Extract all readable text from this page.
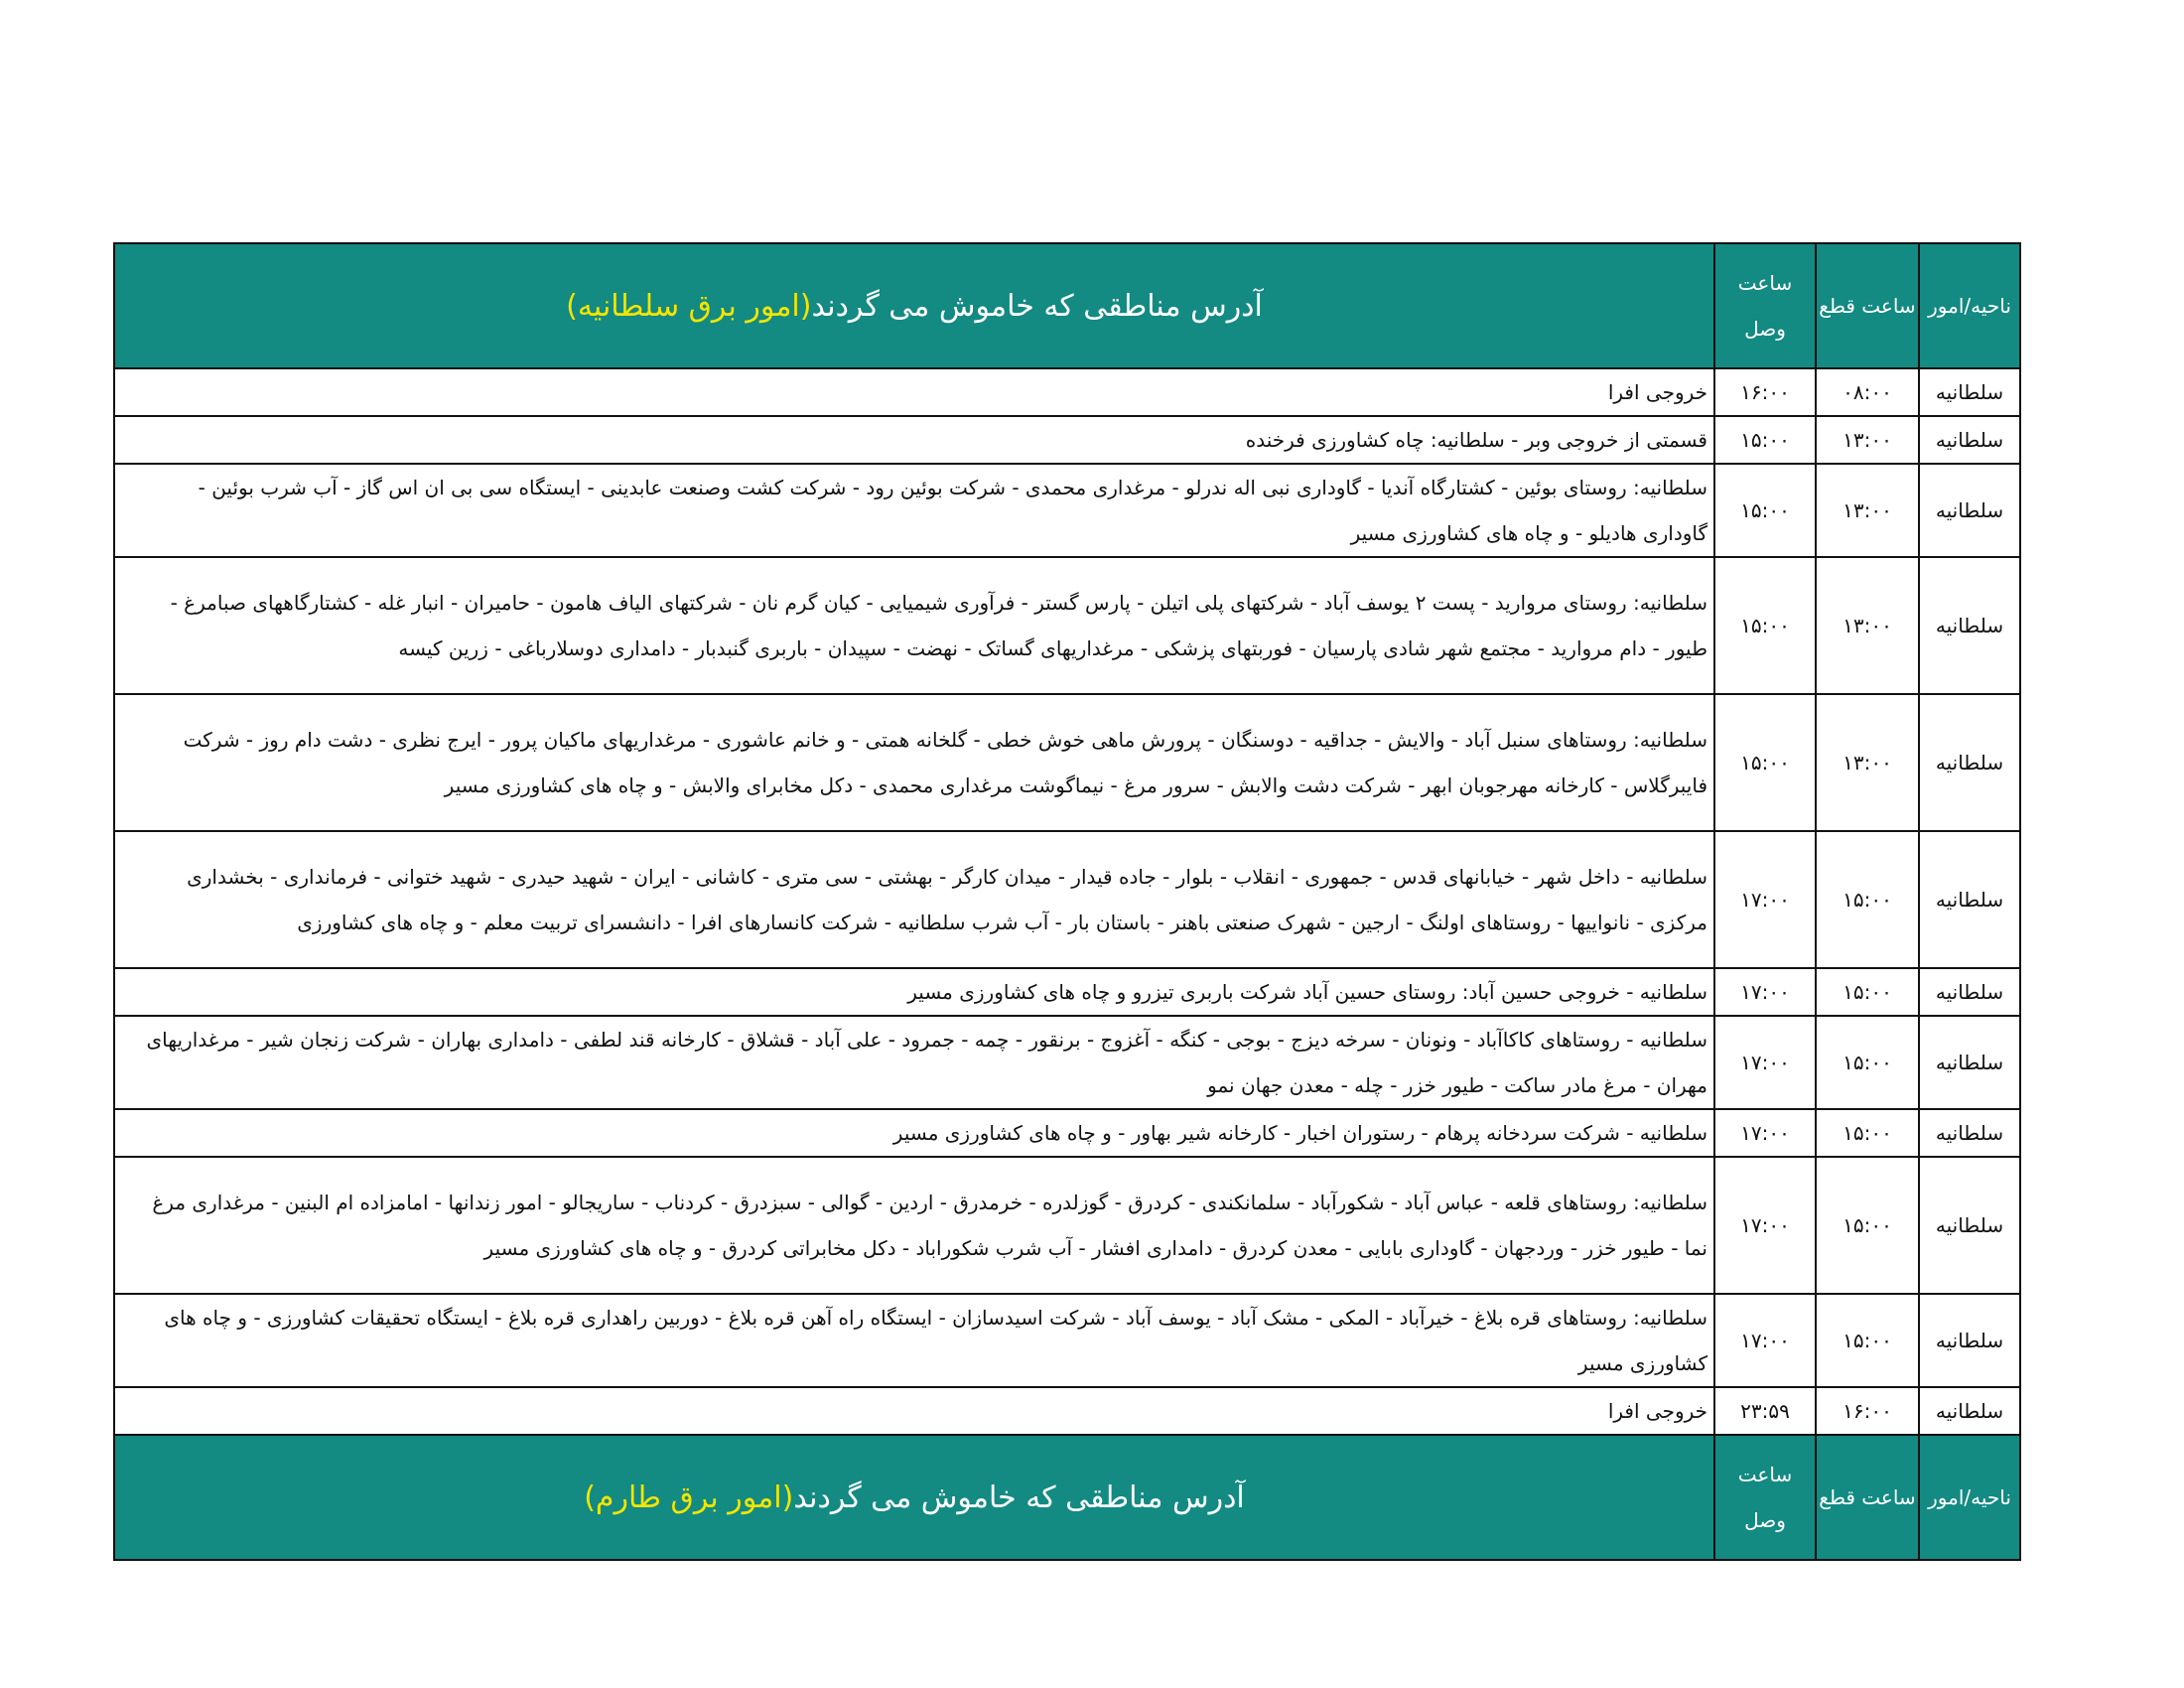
ناحیه/امور	ساعت قطع	ساعت وصل	آدرس مناطقی که خاموش می گردند(امور برق سلطانیه)
سلطانیه	۰۸:۰۰	۱۶:۰۰	خروجی افرا
سلطانیه	۱۳:۰۰	۱۵:۰۰	قسمتی از خروجی وبر - سلطانیه: چاه کشاورزی فرخنده
سلطانیه	۱۳:۰۰	۱۵:۰۰	سلطانیه: روستای بوئین - کشتارگاه آندیا - گاوداری نبی اله ندرلو - مرغداری محمدی - شرکت بوئین رود - شرکت کشت وصنعت عابدینی - ایستگاه سی بی ان اس گاز - آب شرب بوئین - گاوداری هادیلو - و چاه های کشاورزی مسیر
سلطانیه	۱۳:۰۰	۱۵:۰۰	سلطانیه: روستای مروارید - پست ۲ یوسف آباد - شرکتهای پلی اتیلن - پارس گستر - فرآوری شیمیایی - کیان گرم نان - شرکتهای الیاف هامون - حامیران - انبار غله - کشتارگاههای صبامرغ - طیور - دام مروارید - مجتمع شهر شادی پارسیان - فوربتهای پزشکی - مرغداریهای گساتک - نهضت - سپیدان - باربری گنبدبار - دامداری دوسلارباغی - زرین کیسه
سلطانیه	۱۳:۰۰	۱۵:۰۰	سلطانیه: روستاهای سنبل آباد - والایش - جداقیه - دوسنگان - پرورش ماهی خوش خطی - گلخانه همتی - و خانم عاشوری - مرغداریهای ماکیان پرور - ایرج نظری - دشت دام روز - شرکت فایبرگلاس - کارخانه مهرجوبان ابهر - شرکت دشت والابش - سرور مرغ - نیماگوشت مرغداری محمدی - دکل مخابرای والابش - و چاه های کشاورزی مسیر
سلطانیه	۱۵:۰۰	۱۷:۰۰	سلطانیه - داخل شهر - خیابانهای قدس - جمهوری - انقلاب - بلوار - جاده قیدار - میدان کارگر - بهشتی - سی متری - کاشانی - ایران - شهید حیدری - شهید ختوانی - فرمانداری - بخشداری مرکزی - نانواییها - روستاهای اولنگ - ارجین - شهرک صنعتی باهنر - باستان بار - آب شرب سلطانیه - شرکت کانسارهای افرا - دانشسرای تربیت معلم - و چاه های کشاورزی
سلطانیه	۱۵:۰۰	۱۷:۰۰	سلطانیه - خروجی حسین آباد: روستای حسین آباد شرکت باربری تیزرو و چاه های کشاورزی مسیر
سلطانیه	۱۵:۰۰	۱۷:۰۰	سلطانیه - روستاهای کاکاآباد - ونونان - سرخه دیزج - بوجی - کنگه - آغزوج - برنقور - چمه - جمرود - علی آباد - قشلاق - کارخانه قند لطفی - دامداری بهاران - شرکت زنجان شیر - مرغداریهای مهران - مرغ مادر ساکت - طیور خزر - چله - معدن جهان نمو
سلطانیه	۱۵:۰۰	۱۷:۰۰	سلطانیه - شرکت سردخانه پرهام - رستوران اخبار - کارخانه شیر بهاور - و چاه های کشاورزی مسیر
سلطانیه	۱۵:۰۰	۱۷:۰۰	سلطانیه: روستاهای قلعه - عباس آباد - شکورآباد - سلمانکندی - کردرق - گوزلدره - خرمدرق - اردین - گوالی - سبزدرق - کردناب - ساریجالو - امور زندانها - امامزاده ام البنین - مرغداری مرغ نما - طیور خزر - وردجهان - گاوداری بابایی - معدن کردرق - دامداری افشار - آب شرب شکوراباد - دکل مخابراتی کردرق - و چاه های کشاورزی مسیر
سلطانیه	۱۵:۰۰	۱۷:۰۰	سلطانیه: روستاهای قره بلاغ - خیرآباد - المکی - مشک آباد - یوسف آباد - شرکت اسیدسازان - ایستگاه راه آهن قره بلاغ - دوربین راهداری قره بلاغ - ایستگاه تحقیقات کشاورزی - و چاه های کشاورزی مسیر
سلطانیه	۱۶:۰۰	۲۳:۵۹	خروجی افرا
ناحیه/امور	ساعت قطع	ساعت وصل	آدرس مناطقی که خاموش می گردند(امور برق طارم)
